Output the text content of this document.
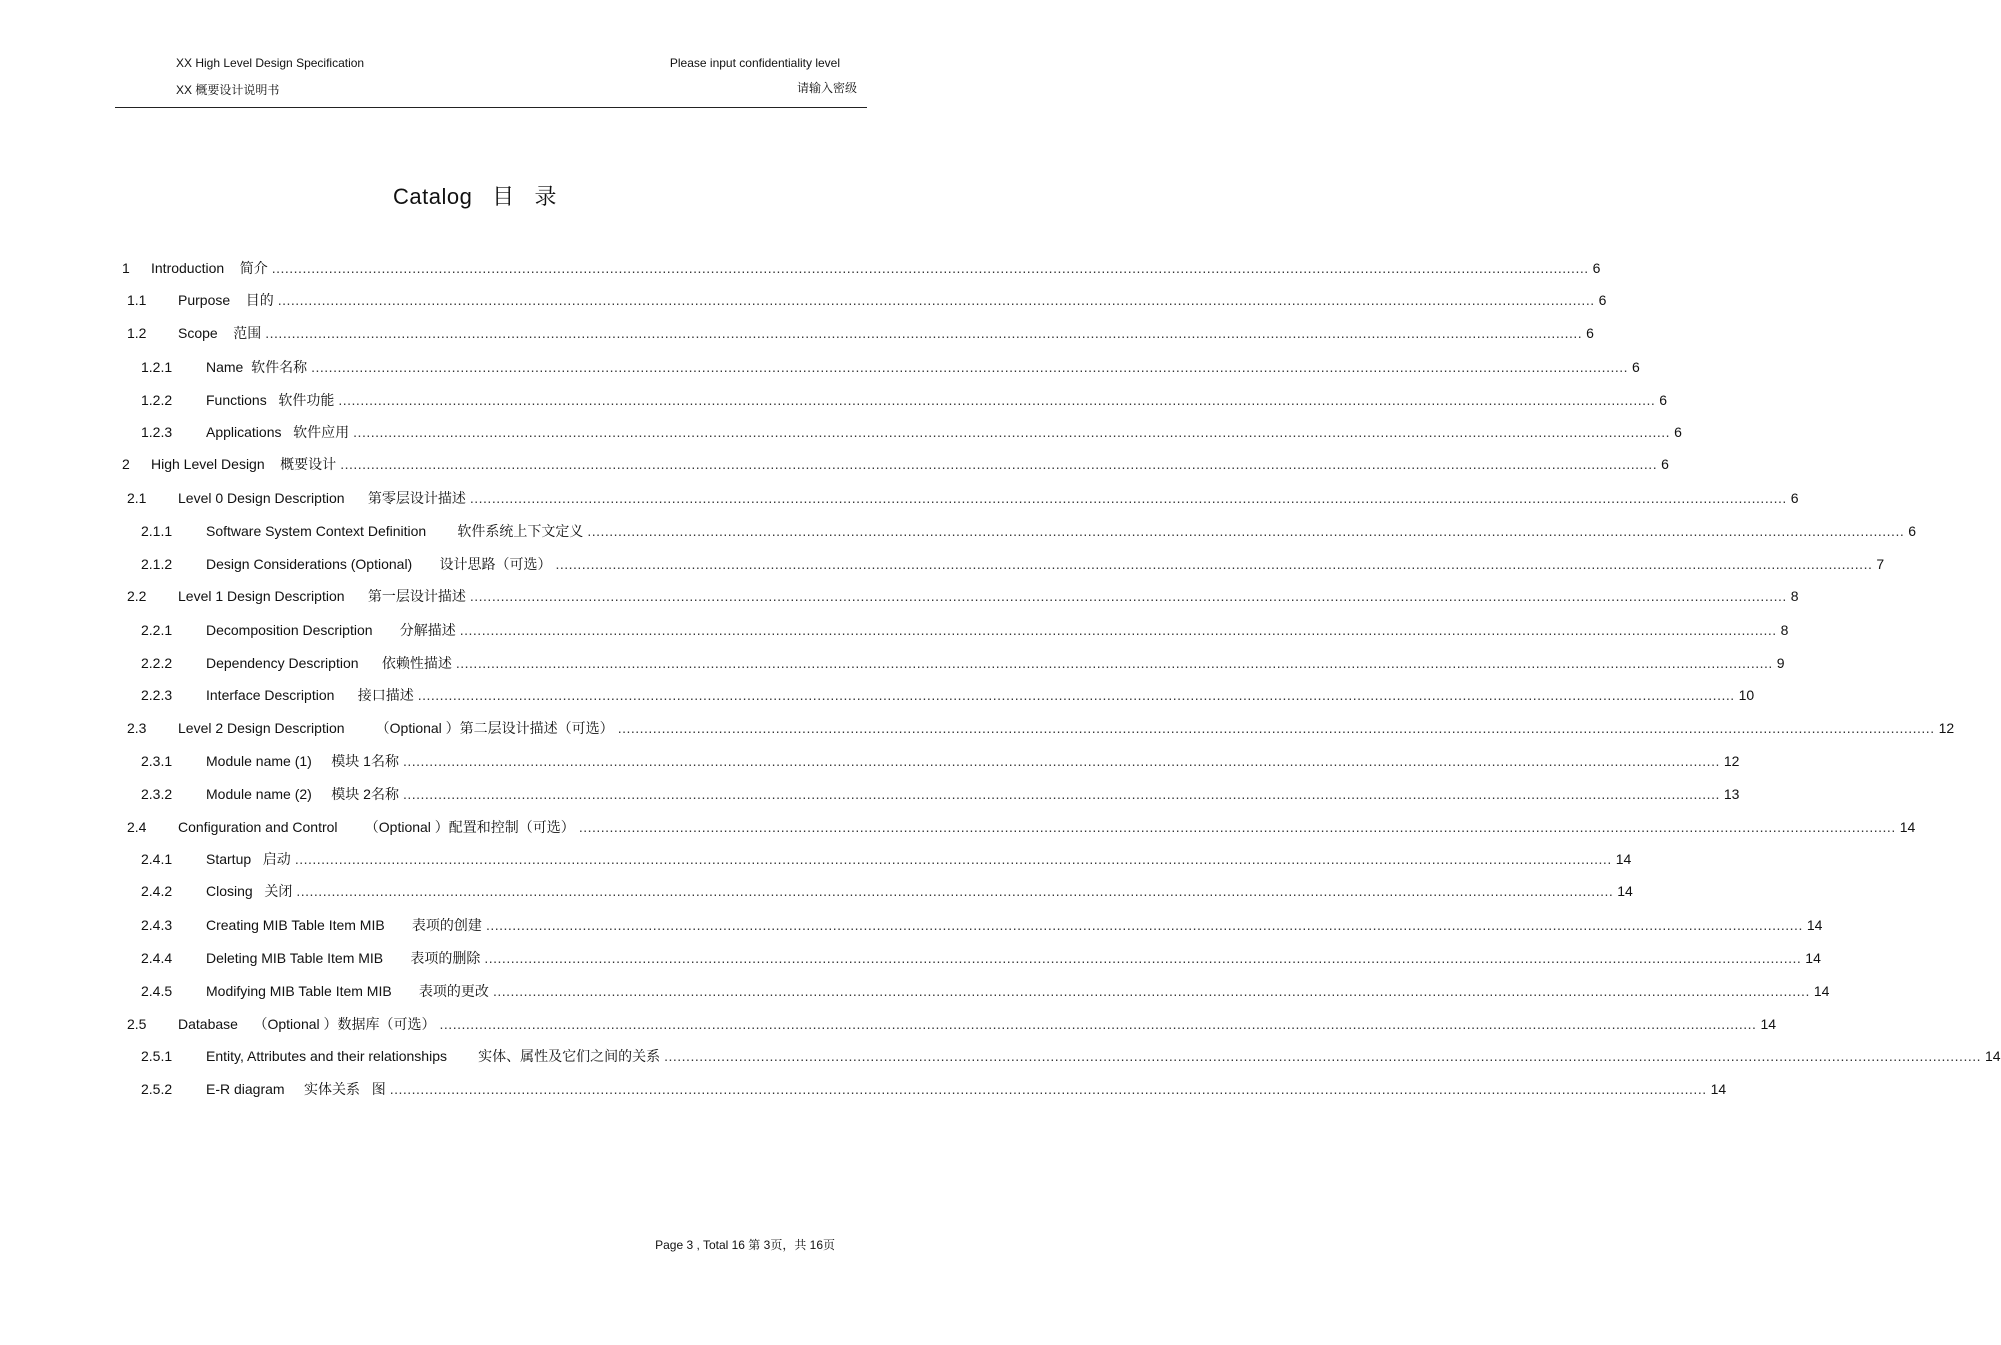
XX High Level Design Specification
XX 概要设计说明书
Please input confidentiality level
请输入密级
Catalog   目   录
1	Introduction    简介 ............................................................................................................................................................................................................................................................................................................ 6
1.1	Purpose    目的 ............................................................................................................................................................................................................................................................................................................ 6
1.2	Scope    范围 ............................................................................................................................................................................................................................................................................................................ 6
1.2.1	Name  软件名称 ............................................................................................................................................................................................................................................................................................................ 6
1.2.2	Functions   软件功能 ............................................................................................................................................................................................................................................................................................................ 6
1.2.3	Applications   软件应用 ............................................................................................................................................................................................................................................................................................................ 6
2	High Level Design    概要设计 ............................................................................................................................................................................................................................................................................................................ 6
2.1	Level 0 Design Description      第零层设计描述 ............................................................................................................................................................................................................................................................................................................ 6
2.1.1	Software System Context Definition        软件系统上下文定义 ............................................................................................................................................................................................................................................................................................................ 6
2.1.2	Design Considerations (Optional)       设计思路（可选） ............................................................................................................................................................................................................................................................................................................ 7
2.2	Level 1 Design Description      第一层设计描述 ............................................................................................................................................................................................................................................................................................................ 8
2.2.1	Decomposition Description       分解描述 ............................................................................................................................................................................................................................................................................................................ 8
2.2.2	Dependency Description      依赖性描述 ............................................................................................................................................................................................................................................................................................................ 9
2.2.3	Interface Description      接口描述 ............................................................................................................................................................................................................................................................................................................ 10
2.3	Level 2 Design Description        （Optional ）第二层设计描述（可选） ............................................................................................................................................................................................................................................................................................................ 12
2.3.1	Module name (1)     模块 1名称 ............................................................................................................................................................................................................................................................................................................ 12
2.3.2	Module name (2)     模块 2名称 ............................................................................................................................................................................................................................................................................................................ 13
2.4	Configuration and Control       （Optional ）配置和控制（可选） ............................................................................................................................................................................................................................................................................................................ 14
2.4.1	Startup   启动 ............................................................................................................................................................................................................................................................................................................ 14
2.4.2	Closing   关闭 ............................................................................................................................................................................................................................................................................................................ 14
2.4.3	Creating MIB Table Item MIB       表项的创建 ............................................................................................................................................................................................................................................................................................................ 14
2.4.4	Deleting MIB Table Item MIB       表项的删除 ............................................................................................................................................................................................................................................................................................................ 14
2.4.5	Modifying MIB Table Item MIB       表项的更改 ............................................................................................................................................................................................................................................................................................................ 14
2.5	Database    （Optional ）数据库（可选） ............................................................................................................................................................................................................................................................................................................ 14
2.5.1	Entity, Attributes and their relationships        实体、属性及它们之间的关系 ............................................................................................................................................................................................................................................................................................................ 14
2.5.2	E-R diagram     实体关系   图 ............................................................................................................................................................................................................................................................................................................ 14
Page 3 , Total 16 第 3页，共 16页
